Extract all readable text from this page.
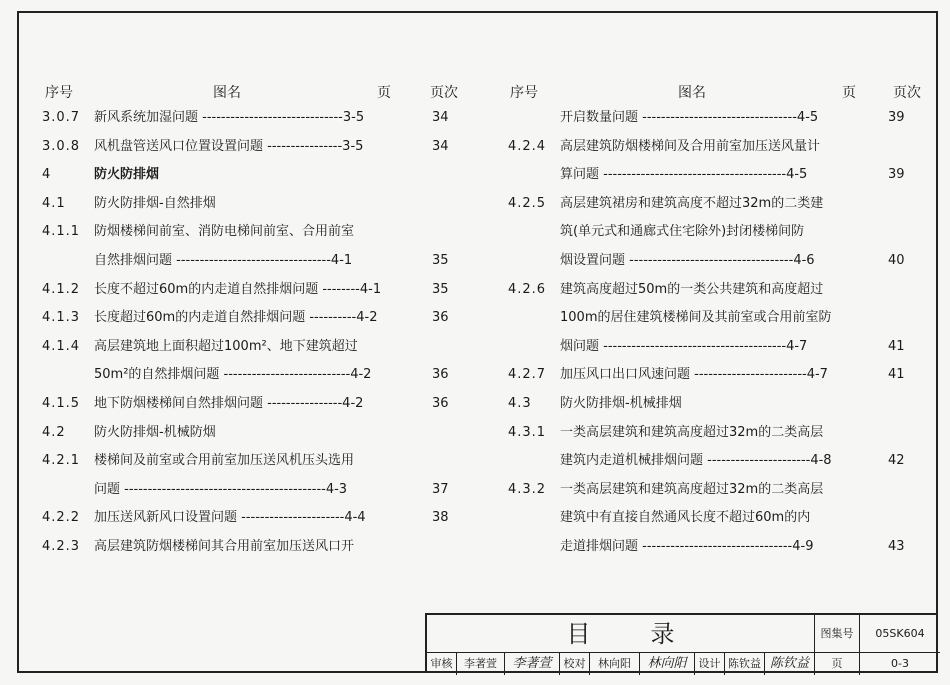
序号	图名	页	页次	序号	图名	页	页次
3.0.7 新风系统加湿问题 ------------------------------3-5	34
3.0.8 风机盘管送风口位置设置问题 ----------------3-5	34
4	防火防排烟
4.1 防火防排烟-自然排烟
4.1.1 防烟楼梯间前室、消防电梯间前室、合用前室
自然排烟问题 ---------------------------------4-1	35
4.1.2 长度不超过60m的内走道自然排烟问题 --------4-1	35
4.1.3 长度超过60m的内走道自然排烟问题 ----------4-2	36
4.1.4 高层建筑地上面积超过100m²、地下建筑超过
50m²的自然排烟问题 ---------------------------4-2	36
4.1.5 地下防烟楼梯间自然排烟问题 ----------------4-2	36
4.2 防火防排烟-机械防烟
4.2.1 楼梯间及前室或合用前室加压送风机压头选用
问题 -------------------------------------------4-3	37
4.2.2 加压送风新风口设置问题 ----------------------4-4	38
4.2.3 高层建筑防烟楼梯间其合用前室加压送风口开
开启数量问题 ---------------------------------4-5	39
4.2.4 高层建筑防烟楼梯间及合用前室加压送风量计
算问题 ---------------------------------------4-5	39
4.2.5 高层建筑裙房和建筑高度不超过32m的二类建
筑(单元式和通廊式住宅除外)封闭楼梯间防
烟设置问题 -----------------------------------4-6	40
4.2.6 建筑高度超过50m的一类公共建筑和高度超过
100m的居住建筑楼梯间及其前室或合用前室防
烟问题 ---------------------------------------4-7	41
4.2.7 加压风口出口风速问题 ------------------------4-7	41
4.3 防火防排烟-机械排烟
4.3.1 一类高层建筑和建筑高度超过32m的二类高层
建筑内走道机械排烟问题 ----------------------4-8	42
4.3.2 一类高层建筑和建筑高度超过32m的二类高层
建筑中有直接自然通风长度不超过60m的内
走道排烟问题 --------------------------------4-9	43
目录	图集号	05SK604
审核	李著萱	李著萱	校对	林向阳	林向阳	设计 陈钦益 陈钦益	页	0-3
